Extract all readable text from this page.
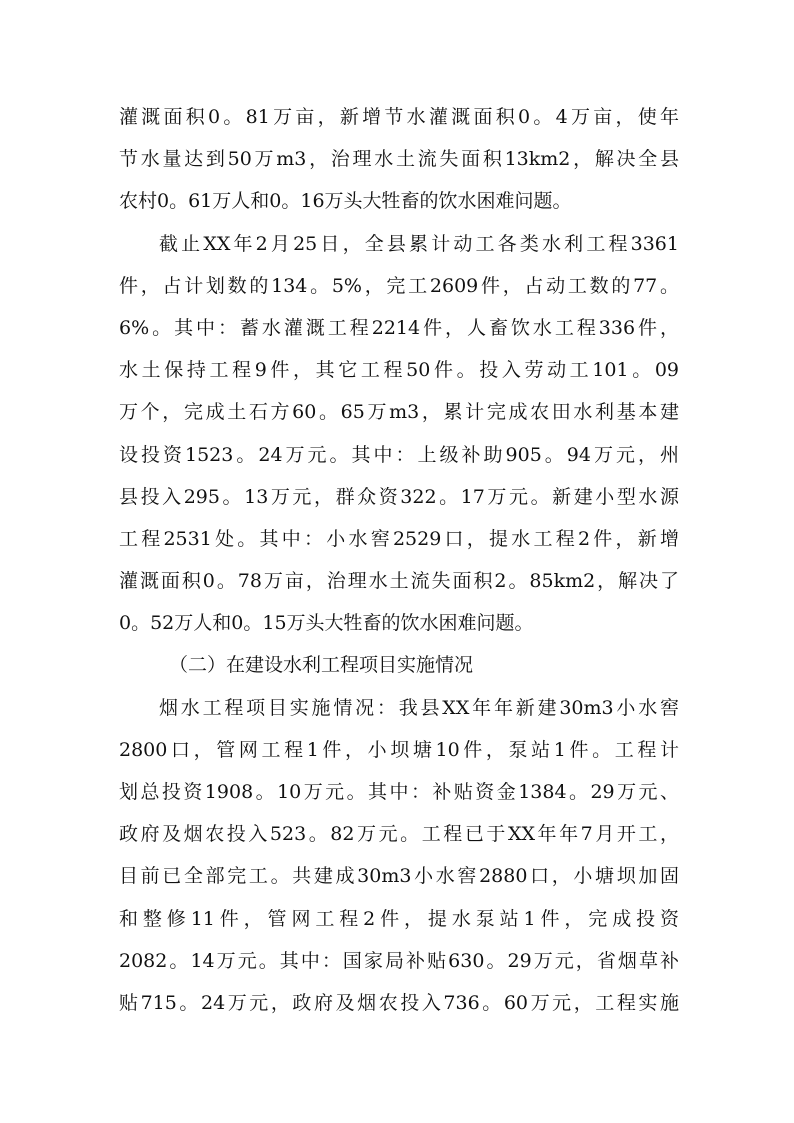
灌溉面积0。81万亩，新增节水灌溉面积0。4万亩，使年
节水量达到50万m3，治理水土流失面积13km2，解决全县
农村0。61万人和0。16万头大牲畜的饮水困难问题。
截止XX年2月25日，全县累计动工各类水利工程3361
件，占计划数的134。5%，完工2609件，占动工数的77。
6%。其中：蓄水灌溉工程2214件，人畜饮水工程336件，
水土保持工程9件，其它工程50件。投入劳动工101。09
万个，完成土石方60。65万m3，累计完成农田水利基本建
设投资1523。24万元。其中：上级补助905。94万元，州
县投入295。13万元，群众资322。17万元。新建小型水源
工程2531处。其中：小水窖2529口，提水工程2件，新增
灌溉面积0。78万亩，治理水土流失面积2。85km2，解决了
0。52万人和0。15万头大牲畜的饮水困难问题。
（二）在建设水利工程项目实施情况
烟水工程项目实施情况：我县XX年年新建30m3小水窖
2800口，管网工程1件，小坝塘10件，泵站1件。工程计
划总投资1908。10万元。其中：补贴资金1384。29万元、
政府及烟农投入523。82万元。工程已于XX年年7月开工，
目前已全部完工。共建成30m3小水窖2880口，小塘坝加固
和整修11件，管网工程2件，提水泵站1件，完成投资
2082。14万元。其中：国家局补贴630。29万元，省烟草补
贴715。24万元，政府及烟农投入736。60万元，工程实施
